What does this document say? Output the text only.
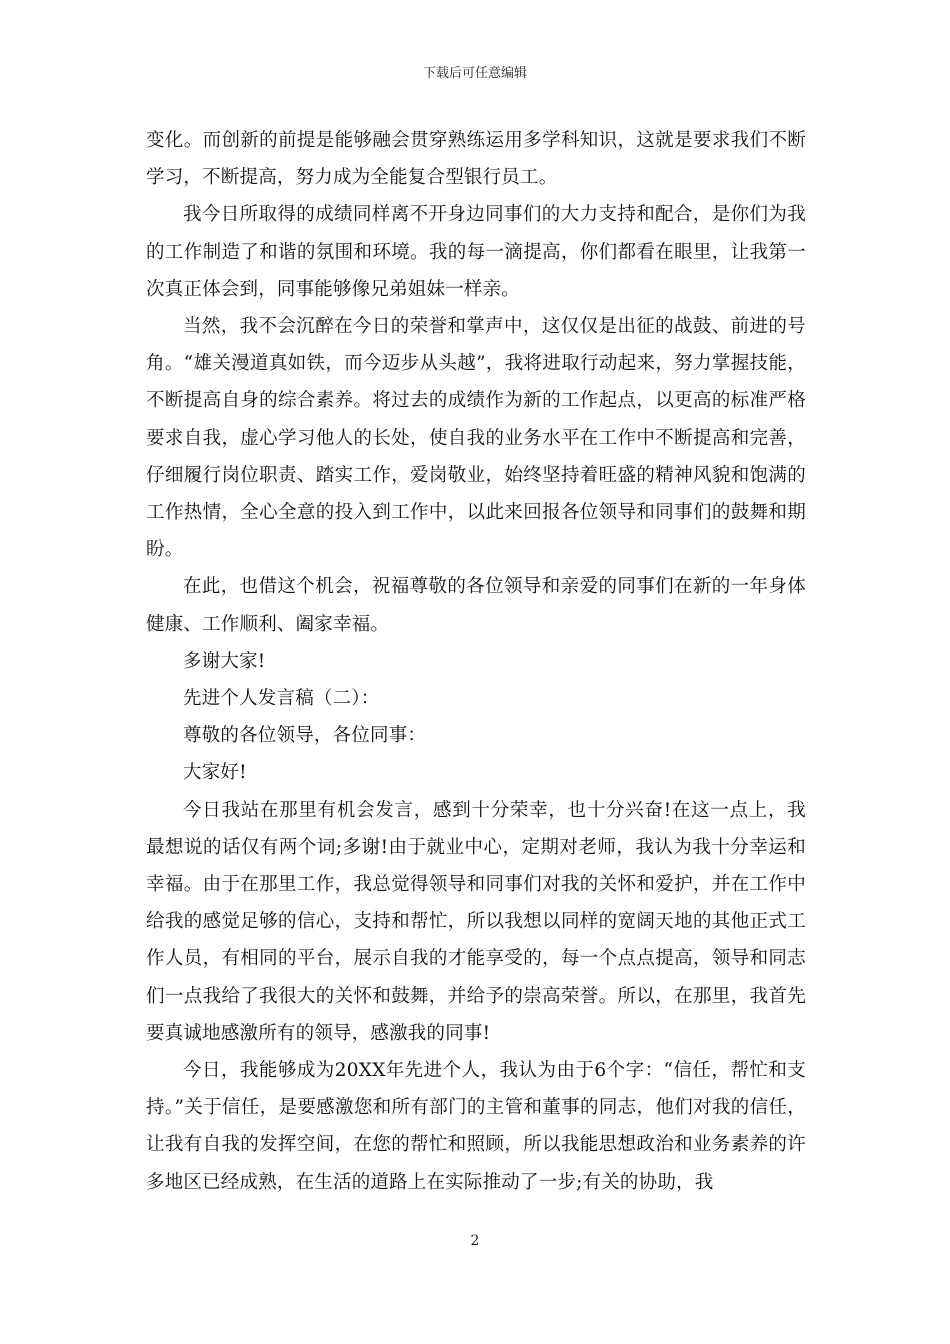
下载后可任意编辑

变化。而创新的前提是能够融会贯穿熟练运用多学科知识，这就是要求我们不断学习，不断提高，努力成为全能复合型银行员工。

我今日所取得的成绩同样离不开身边同事们的大力支持和配合，是你们为我的工作制造了和谐的氛围和环境。我的每一滴提高，你们都看在眼里，让我第一次真正体会到，同事能够像兄弟姐妹一样亲。

当然，我不会沉醉在今日的荣誉和掌声中，这仅仅是出征的战鼓、前进的号角。“雄关漫道真如铁，而今迈步从头越”，我将进取行动起来，努力掌握技能，不断提高自身的综合素养。将过去的成绩作为新的工作起点，以更高的标准严格要求自我，虚心学习他人的长处，使自我的业务水平在工作中不断提高和完善，仔细履行岗位职责、踏实工作，爱岗敬业，始终坚持着旺盛的精神风貌和饱满的工作热情，全心全意的投入到工作中，以此来回报各位领导和同事们的鼓舞和期盼。

在此，也借这个机会，祝福尊敬的各位领导和亲爱的同事们在新的一年身体健康、工作顺利、阖家幸福。

多谢大家!

先进个人发言稿（二）：

尊敬的各位领导，各位同事：

大家好!

今日我站在那里有机会发言，感到十分荣幸，也十分兴奋!在这一点上，我最想说的话仅有两个词;多谢!由于就业中心，定期对老师，我认为我十分幸运和幸福。由于在那里工作，我总觉得领导和同事们对我的关怀和爱护，并在工作中给我的感觉足够的信心，支持和帮忙，所以我想以同样的宽阔天地的其他正式工作人员，有相同的平台，展示自我的才能享受的，每一个点点提高，领导和同志们一点我给了我很大的关怀和鼓舞，并给予的崇高荣誉。所以，在那里，我首先要真诚地感激所有的领导，感激我的同事!

今日，我能够成为20XX年先进个人，我认为由于6个字：“信任，帮忙和支持。”关于信任，是要感激您和所有部门的主管和董事的同志，他们对我的信任，让我有自我的发挥空间，在您的帮忙和照顾，所以我能思想政治和业务素养的许多地区已经成熟，在生活的道路上在实际推动了一步;有关的协助，我

2
